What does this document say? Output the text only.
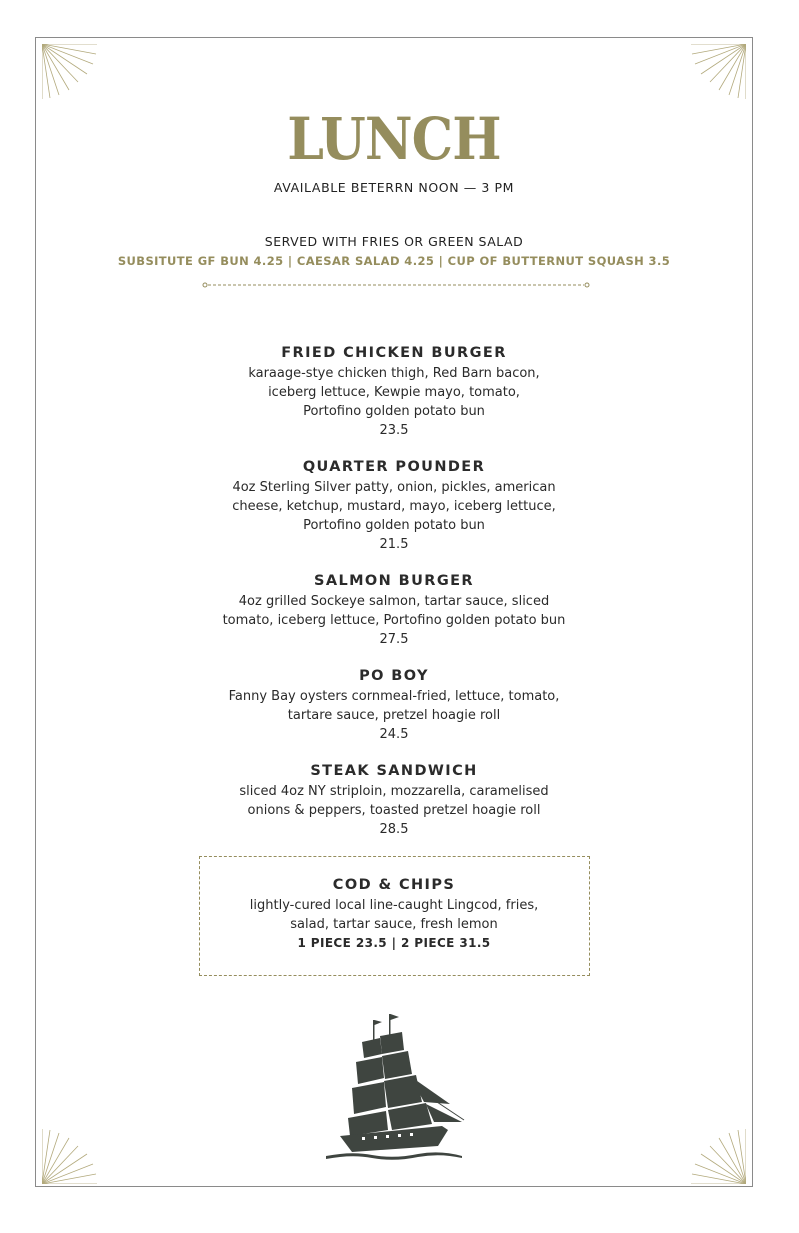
LUNCH
AVAILABLE BETERRN NOON — 3 PM
SERVED WITH FRIES OR GREEN SALAD
SUBSITUTE GF BUN 4.25 | CAESAR SALAD 4.25 | CUP OF BUTTERNUT SQUASH 3.5
FRIED CHICKEN BURGER
karaage-stye chicken thigh, Red Barn bacon,
iceberg lettuce, Kewpie mayo, tomato,
Portofino golden potato bun
23.5
QUARTER POUNDER
4oz Sterling Silver patty, onion, pickles, american
cheese, ketchup, mustard, mayo, iceberg lettuce,
Portofino golden potato bun
21.5
SALMON BURGER
4oz grilled Sockeye salmon, tartar sauce, sliced
tomato, iceberg lettuce, Portofino golden potato bun
27.5
PO BOY
Fanny Bay oysters cornmeal-fried, lettuce, tomato,
tartare sauce, pretzel hoagie roll
24.5
STEAK SANDWICH
sliced 4oz NY striploin, mozzarella, caramelised
onions & peppers, toasted pretzel hoagie roll
28.5
COD & CHIPS
lightly-cured local line-caught Lingcod, fries,
salad, tartar sauce, fresh lemon
1 PIECE 23.5 | 2 PIECE 31.5
